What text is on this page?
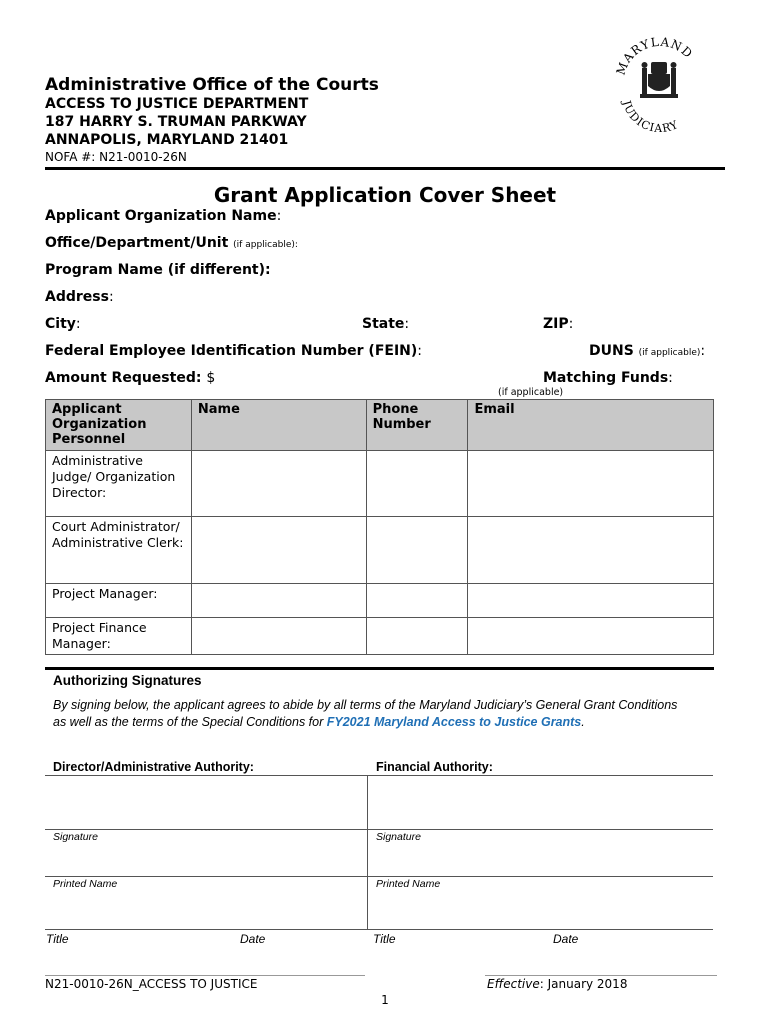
Administrative Office of the Courts
ACCESS TO JUSTICE DEPARTMENT
187 HARRY S. TRUMAN PARKWAY
ANNAPOLIS, MARYLAND 21401
NOFA #: N21-0010-26N
MARYLAND
JUDICIARY
Grant Application Cover Sheet
Applicant Organization Name:
Office/Department/Unit (if applicable):
Program Name (if different):
Address:
City:	State:	ZIP:
Federal Employee Identification Number (FEIN):	DUNS (if applicable):
Amount Requested: $	Matching Funds:
(if applicable)
Applicant Organization Personnel	Name	Phone Number	Email
Administrative Judge/ Organization Director:			
Court Administrator/ Administrative Clerk:			
Project Manager:			
Project Finance Manager:			
Authorizing Signatures
By signing below, the applicant agrees to abide by all terms of the Maryland Judiciary’s General Grant Conditions as well as the terms of the Special Conditions for FY2021 Maryland Access to Justice Grants.
Director/Administrative Authority:	Financial Authority:
Signature	Signature
Printed Name	Printed Name
Title	Date	Title	Date
N21-0010-26N_ACCESS TO JUSTICE	Effective: January 2018
1
